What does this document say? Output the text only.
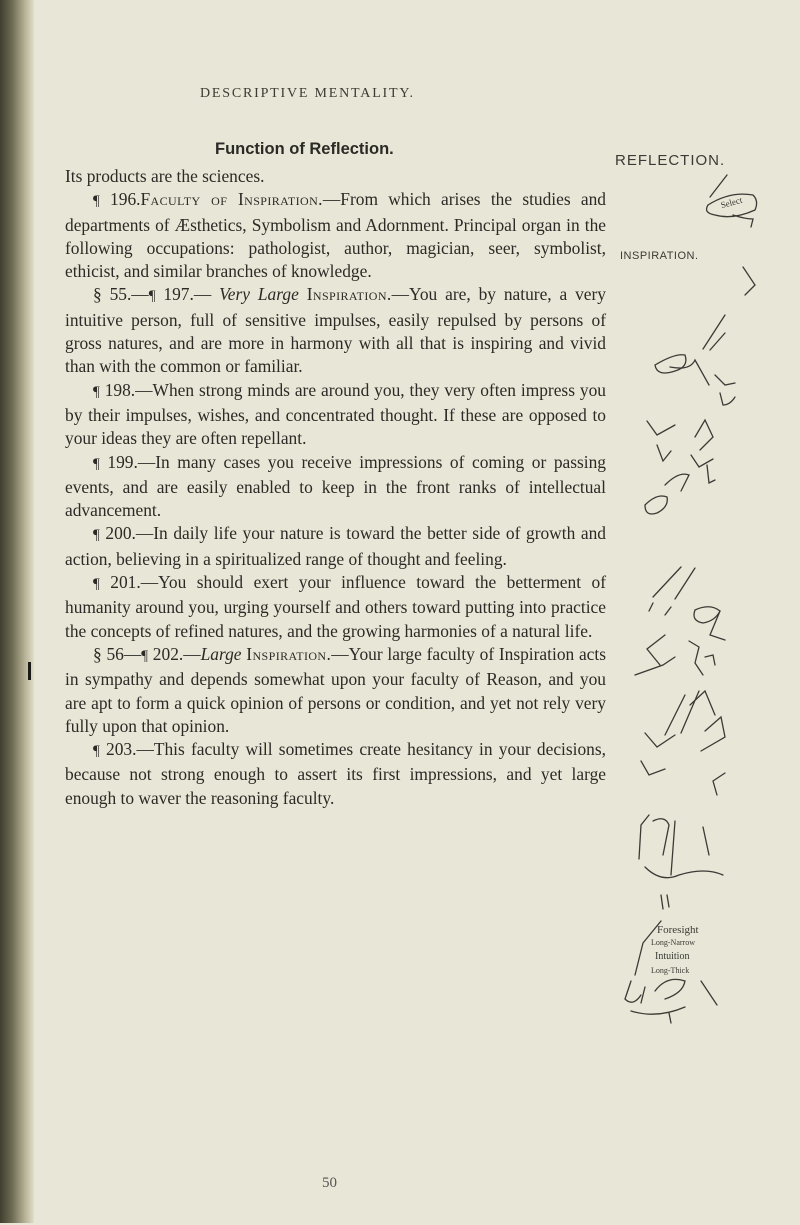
DESCRIPTIVE MENTALITY.
Function of Reflection.

Its products are the sciences.

¶ 196.Faculty of Inspiration.—From which arises the studies and departments of Æsthetics, Symbolism and Adornment. Principal organ in the following occupations: pathologist, author, magician, seer, symbolist, ethicist, and similar branches of knowledge.

§ 55.—¶ 197.— Very Large Inspiration.—You are, by nature, a very intuitive person, full of sensitive impulses, easily repulsed by persons of gross natures, and are more in harmony with all that is inspiring and vivid than with the common or familiar.

¶ 198.—When strong minds are around you, they very often impress you by their impulses, wishes, and concentrated thought. If these are opposed to your ideas they are often repellant.

¶ 199.—In many cases you receive impressions of coming or passing events, and are easily enabled to keep in the front ranks of intellectual advancement.

¶ 200.—In daily life your nature is toward the better side of growth and action, believing in a spiritualized range of thought and feeling.

¶ 201.—You should exert your influence toward the betterment of humanity around you, urging yourself and others toward putting into practice the concepts of refined natures, and the growing harmonies of a natural life.

§ 56—¶ 202.—Large Inspiration.—Your large faculty of Inspiration acts in sympathy and depends somewhat upon your faculty of Reason, and you are apt to form a quick opinion of persons or condition, and yet not rely very fully upon that opinion.

¶ 203.—This faculty will sometimes create hesitancy in your decisions, because not strong enough to assert its first impressions, and yet large enough to waver the reasoning faculty.

50
REFLECTION.
Select
INSPIRATION.
Foresight
Long-Narrow
Intuition
Long-Thick
